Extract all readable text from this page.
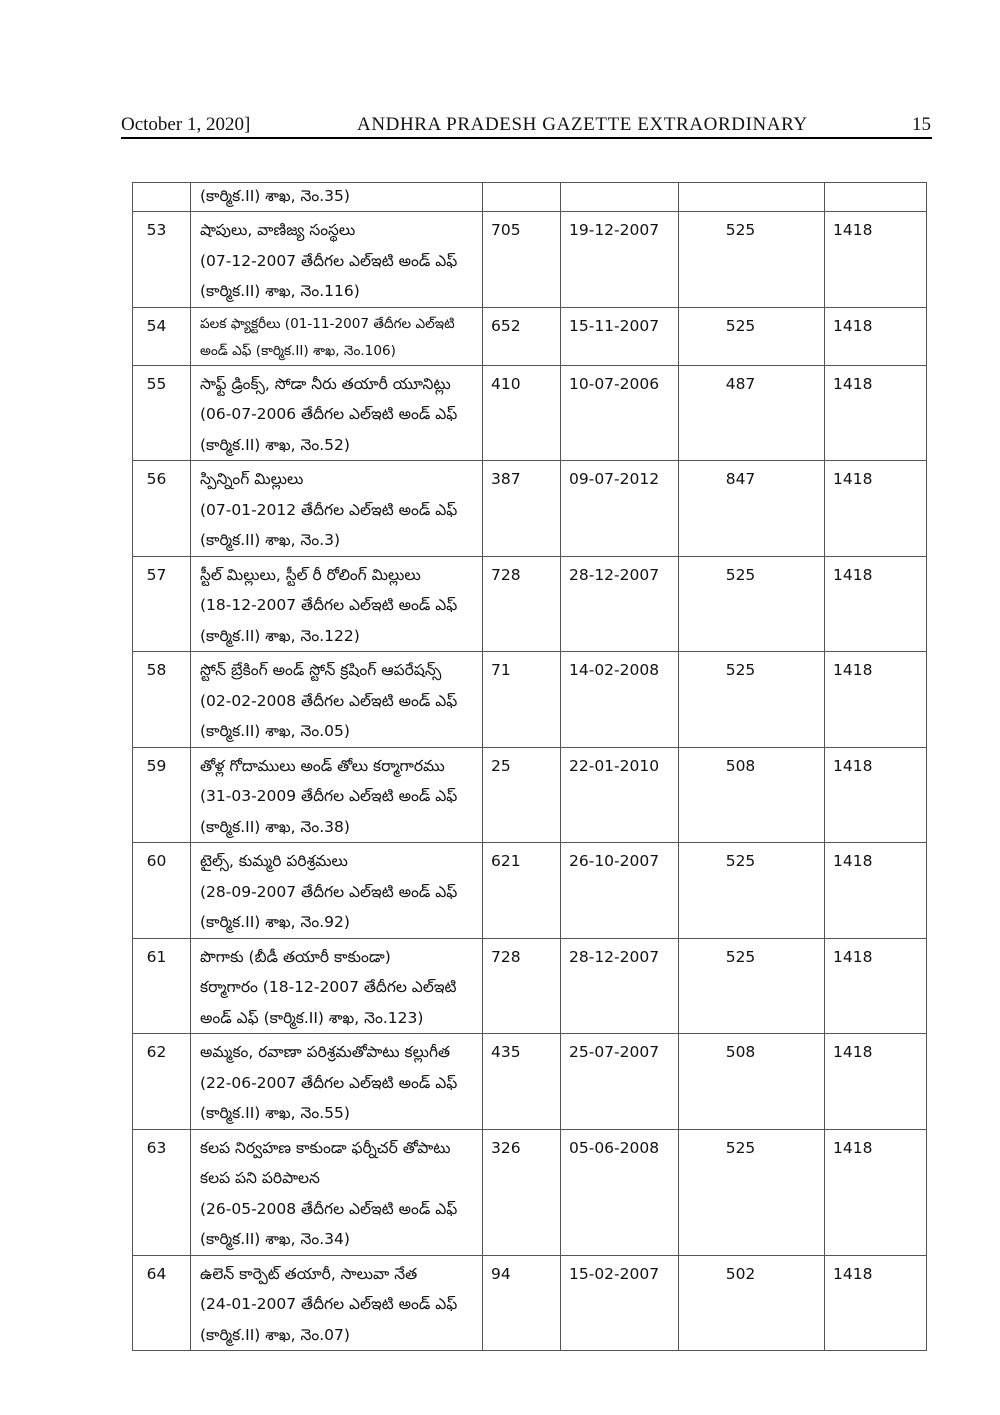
October 1, 2020]	ANDHRA PRADESH GAZETTE EXTRAORDINARY	15

	(కార్మిక.II) శాఖ, నెం.35)				

53	షాపులు, వాణిజ్య సంస్థలు
(07-12-2007 తేదీగల ఎల్‌ఇటి అండ్ ఎఫ్
(కార్మిక.II) శాఖ, నెం.116)	705	19-12-2007	525	1418
54	పలక ఫ్యాక్టరీలు (01-11-2007 తేదీగల ఎల్‌ఇటి
అండ్ ఎఫ్ (కార్మిక.II) శాఖ, నెం.106)	652	15-11-2007	525	1418
55	సాఫ్ట్ డ్రింక్స్, సోడా నీరు తయారీ యూనిట్లు
(06-07-2006 తేదీగల ఎల్‌ఇటి అండ్ ఎఫ్
(కార్మిక.II) శాఖ, నెం.52)	410	10-07-2006	487	1418
56	స్పిన్నింగ్ మిల్లులు
(07-01-2012 తేదీగల ఎల్‌ఇటి అండ్ ఎఫ్
(కార్మిక.II) శాఖ, నెం.3)	387	09-07-2012	847	1418
57	స్టీల్ మిల్లులు, స్టీల్ రీ రోలింగ్ మిల్లులు
(18-12-2007 తేదీగల ఎల్‌ఇటి అండ్ ఎఫ్
(కార్మిక.II) శాఖ, నెం.122)	728	28-12-2007	525	1418
58	స్టోన్ బ్రేకింగ్ అండ్ స్టోన్ క్రషింగ్ ఆపరేషన్స్
(02-02-2008 తేదీగల ఎల్‌ఇటి అండ్ ఎఫ్
(కార్మిక.II) శాఖ, నెం.05)	71	14-02-2008	525	1418
59	తోళ్ల గోదాములు అండ్ తోలు కర్మాగారము
(31-03-2009 తేదీగల ఎల్‌ఇటి అండ్ ఎఫ్
(కార్మిక.II) శాఖ, నెం.38)	25	22-01-2010	508	1418
60	టైల్స్, కుమ్మరి పరిశ్రమలు
(28-09-2007 తేదీగల ఎల్‌ఇటి అండ్ ఎఫ్
(కార్మిక.II) శాఖ, నెం.92)	621	26-10-2007	525	1418
61	పొగాకు (బీడీ తయారీ కాకుండా)
కర్మాగారం (18-12-2007 తేదీగల ఎల్‌ఇటి
అండ్ ఎఫ్ (కార్మిక.II) శాఖ, నెం.123)	728	28-12-2007	525	1418
62	అమ్మకం, రవాణా పరిశ్రమతోపాటు కల్లుగీత
(22-06-2007 తేదీగల ఎల్‌ఇటి అండ్ ఎఫ్
(కార్మిక.II) శాఖ, నెం.55)	435	25-07-2007	508	1418
63	కలప నిర్వహణ కాకుండా ఫర్నీచర్ తోపాటు
కలప పని పరిపాలన
(26-05-2008 తేదీగల ఎల్‌ఇటి అండ్ ఎఫ్
(కార్మిక.II) శాఖ, నెం.34)	326	05-06-2008	525	1418
64	ఉలెన్ కార్పెట్ తయారీ, సాలువా నేత
(24-01-2007 తేదీగల ఎల్‌ఇటి అండ్ ఎఫ్
(కార్మిక.II) శాఖ, నెం.07)	94	15-02-2007	502	1418
